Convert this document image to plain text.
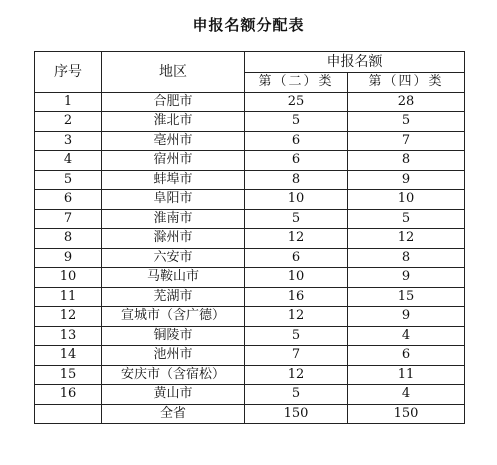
申报名额分配表
序号	地区	申报名额	
		第（二）类	第（四）类
1	合肥市	25	28
2	淮北市	5	5
3	亳州市	6	7
4	宿州市	6	8
5	蚌埠市	8	9
6	阜阳市	10	10
7	淮南市	5	5
8	滁州市	12	12
9	六安市	6	8
10	马鞍山市	10	9
11	芜湖市	16	15
12	宣城市（含广德）	12	9
13	铜陵市	5	4
14	池州市	7	6
15	安庆市（含宿松）	12	11
16	黄山市	5	4
	全省	150	150
